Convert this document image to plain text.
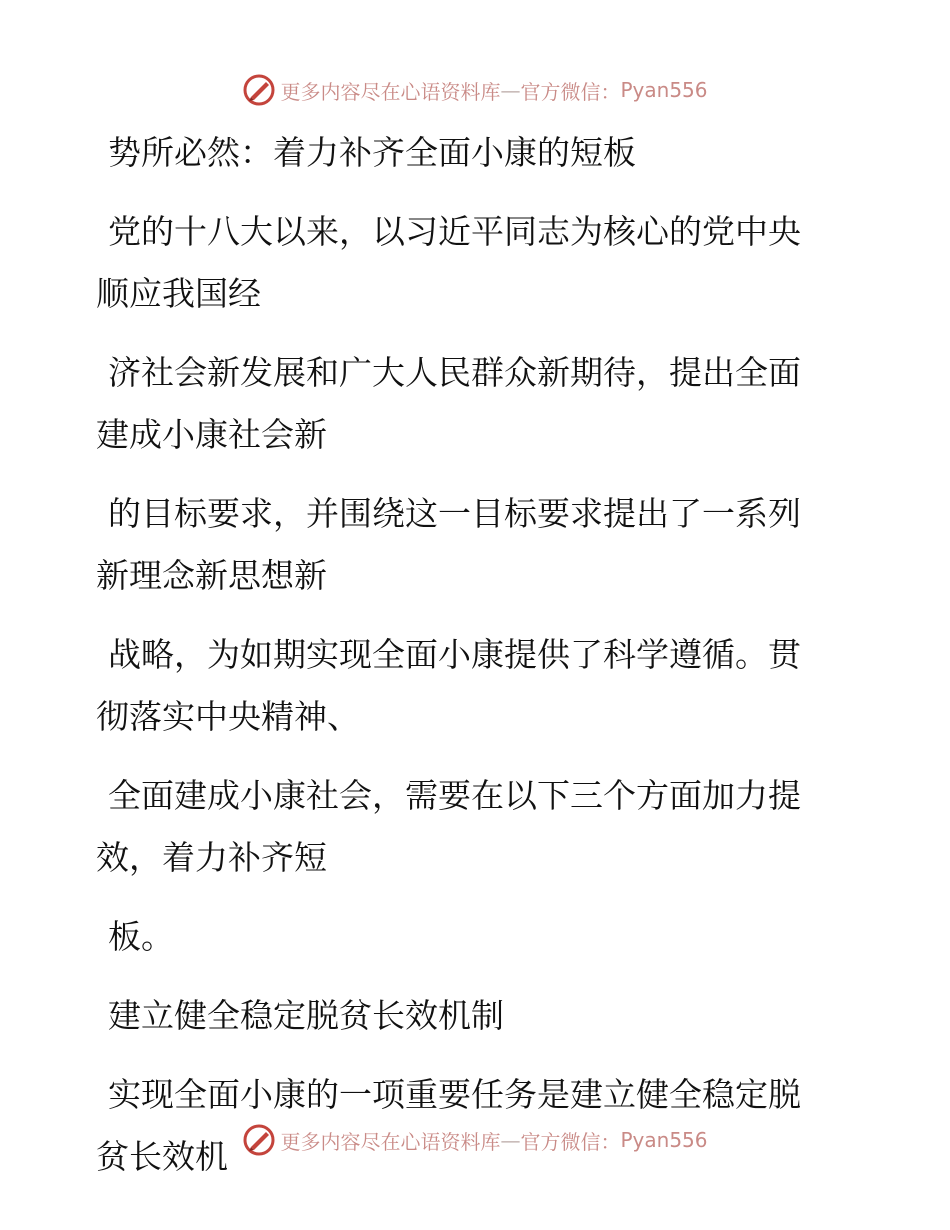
更多内容尽在心语资料库 — 官方微信： Pyan556
势所必然：着力补齐全面小康的短板
党的十八大以来，以习近平同志为核心的党中央
顺应我国经
济社会新发展和广大人民群众新期待，提出全面
建成小康社会新
的目标要求，并围绕这一目标要求提出了一系列
新理念新思想新
战略，为如期实现全面小康提供了科学遵循。贯
彻落实中央精神、
全面建成小康社会，需要在以下三个方面加力提
效，着力补齐短
板。
建立健全稳定脱贫长效机制
实现全面小康的一项重要任务是建立健全稳定脱
贫长效机	更多内容尽在心语资料库 — 官方微信： Pyan556
